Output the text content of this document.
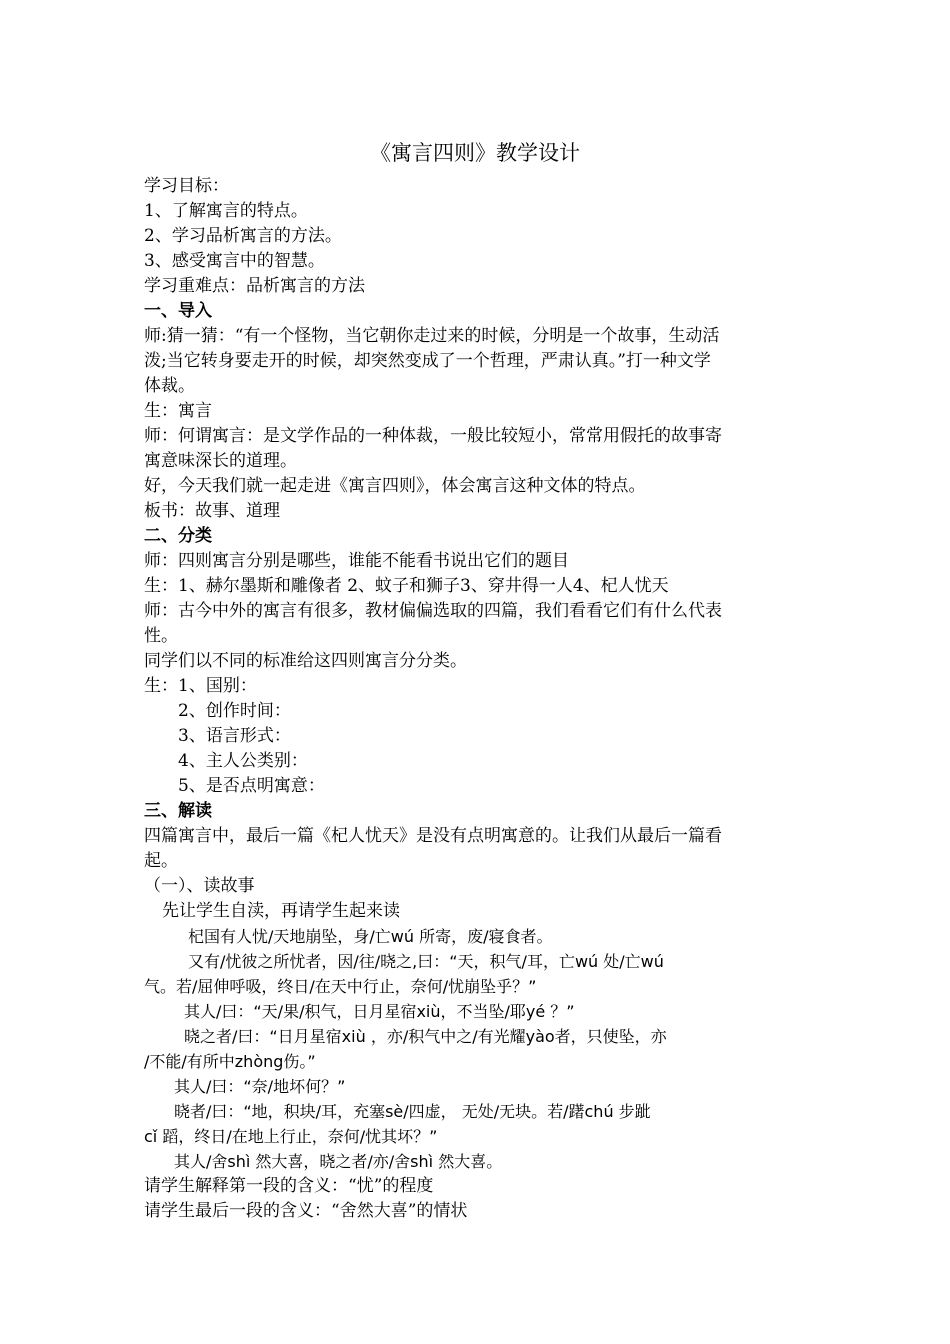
《寓言四则》教学设计
学习目标：
1、了解寓言的特点。
2、学习品析寓言的方法。
3、感受寓言中的智慧。
学习重难点：品析寓言的方法
一、导入
师:猜一猜：“有一个怪物，当它朝你走过来的时候，分明是一个故事，生动活
泼;当它转身要走开的时候，却突然变成了一个哲理，严肃认真。”打一种文学
体裁。
生：寓言
师：何谓寓言：是文学作品的一种体裁，一般比较短小，常常用假托的故事寄
寓意味深长的道理。
好，今天我们就一起走进《寓言四则》，体会寓言这种文体的特点。
板书：故事、道理
二、分类
师：四则寓言分别是哪些，谁能不能看书说出它们的题目
生：1、赫尔墨斯和雕像者 2、蚊子和狮子3、穿井得一人4、杞人忧天
师：古今中外的寓言有很多，教材偏偏选取的四篇，我们看看它们有什么代表
性。
同学们以不同的标准给这四则寓言分分类。
生：1、国别：
2、创作时间：
3、语言形式：
4、主人公类别：
5、是否点明寓意：
三、解读
四篇寓言中，最后一篇《杞人忧天》是没有点明寓意的。让我们从最后一篇看
起。
（一）、读故事
先让学生自渎，再请学生起来读
杞国有人忧/天地崩坠，身/亡wú 所寄，废/寝食者。
又有/忧彼之所忧者，因/往/晓之,曰：“天，积气/耳，亡wú 处/亡wú
气。若/屈伸呼吸，终日/在天中行止，奈何/忧崩坠乎？”
其人/曰：“天/果/积气，日月星宿xiù，不当坠/耶yé ？”
晓之者/曰：“日月星宿xiù ，亦/积气中之/有光耀yào者，只使坠，亦
/不能/有所中zhòng伤。”
其人/曰：“奈/地坏何？”
晓者/曰：“地，积块/耳，充塞sè/四虚， 无处/无块。若/躇chú 步跐
cǐ 蹈，终日/在地上行止，奈何/忧其坏？”
其人/舍shì 然大喜，晓之者/亦/舍shì 然大喜。
请学生解释第一段的含义：“忧”的程度
请学生最后一段的含义：“舍然大喜”的情状
